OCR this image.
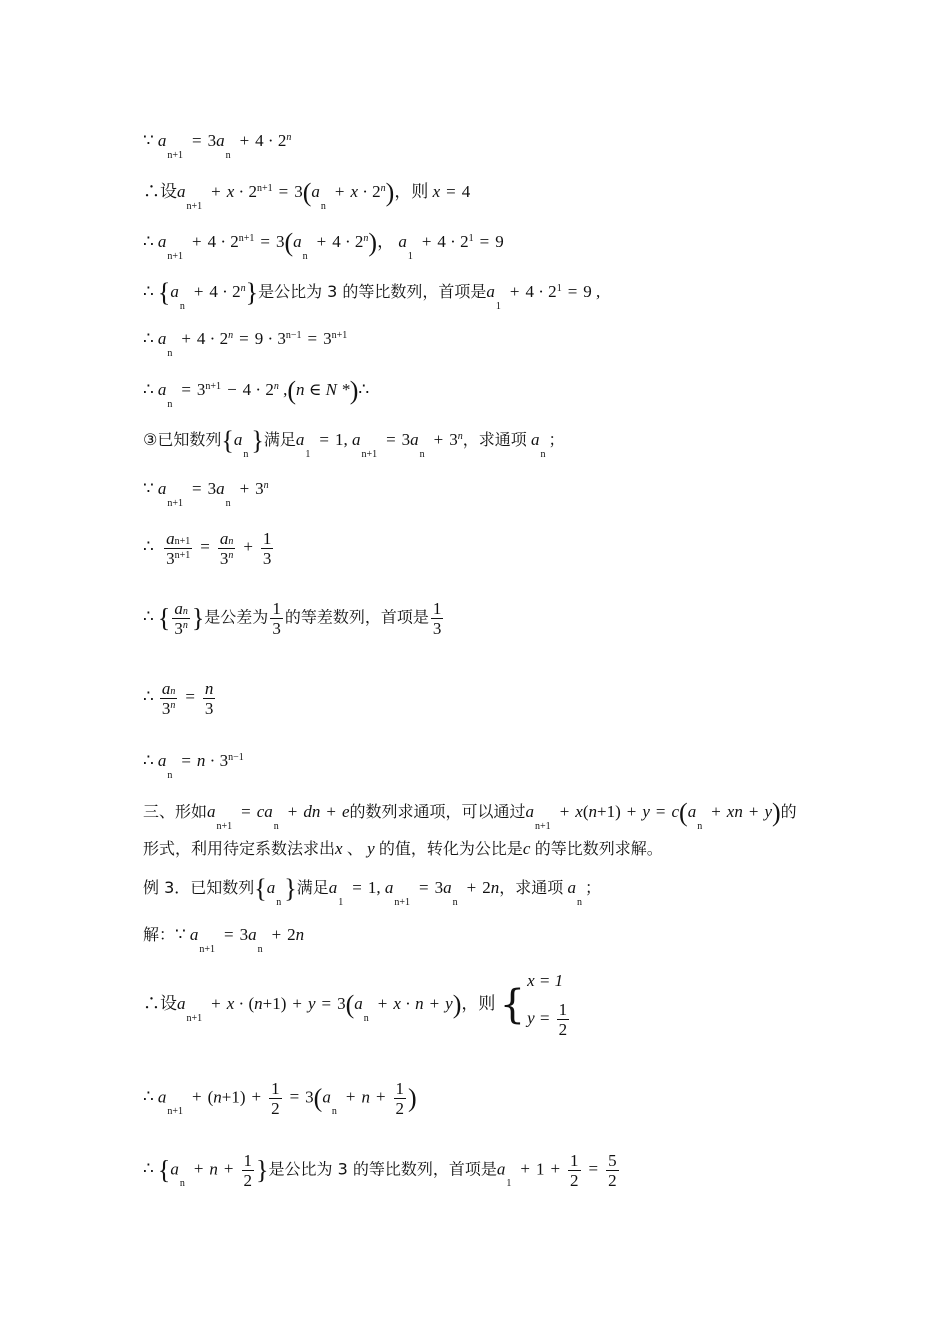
∵ $a_{n+1}= 3a_n+ 4 \cdot 2^n$
∴设$a_{n+1}+ x \cdot 2^{n+1} = 3(a_n+ x \cdot 2^n)$，则 x = 4
∴ $a_{n+1}+ 4 \cdot 2^{n+1} = 3(a_n+ 4 \cdot 2^n)$， $a_1+ 4 \cdot 2^1 = 9$
∴ $\{a_n+ 4 \cdot 2^n\}$是公比为 3 的等比数列，首项是$a_1+ 4 \cdot 2^1 = 9$ ,
∴ $a_n+ 4 \cdot 2^n = 9 \cdot 3^{n-1} = 3^{n+1}$
∴ $a_n= 3^{n+1} - 4 \cdot 2^n$ ,(n ∈ N *)∴
③已知数列{$a_n$ }满足$a_1= 1$, $a_{n+1}= 3a_n+ 3^n$，求通项 $a_n$；
∵ $a_{n+1}= 3a_n+ 3^n$
∴ $\frac{an+1}{3^{n+1}} = \frac{an}{3^n} + \frac{1}{3}$
∴ { $\frac{an}{3^n}$ }是公差为 $\frac{1}{3}$ 的等差数列，首项是 $\frac{1}{3}$
∴ $\frac{an}{3^n} = \frac{n}{3}$
∴ $a_n= n \cdot 3^{n-1}$
三、形如$a_{n+1}= ca_n+$ dn + e的数列求通项，可以通过$a_{n+1}+ x(n+1) + y = c(a_n+$ xn + y)的
形式，利用待定系数法求出x 、 y 的值，转化为公比是c 的等比数列求解。
例 3．已知数列{$a_n$ }满足$a_1= 1$, $a_{n+1}= 3a_n+ 2n$，求通项 $a_n$；
解：∵ $a_{n+1}= 3a_n+ 2n$
∴设$a_{n+1}+ x \cdot (n+1) + y = 3(a_n+ x \cdot n + y)$，则 {
x = 1
$y = \frac{1}{2}$
∴ $a_{n+1}+ (n+1) + \frac{1}{2} = 3(a_n+ n + \frac{1}{2}$ )
∴ {$a_n+ n + \frac{1}{2}$ }是公比为 3 的等比数列，首项是$a_1+ 1 + \frac{1}{2} = \frac{5}{2}$
